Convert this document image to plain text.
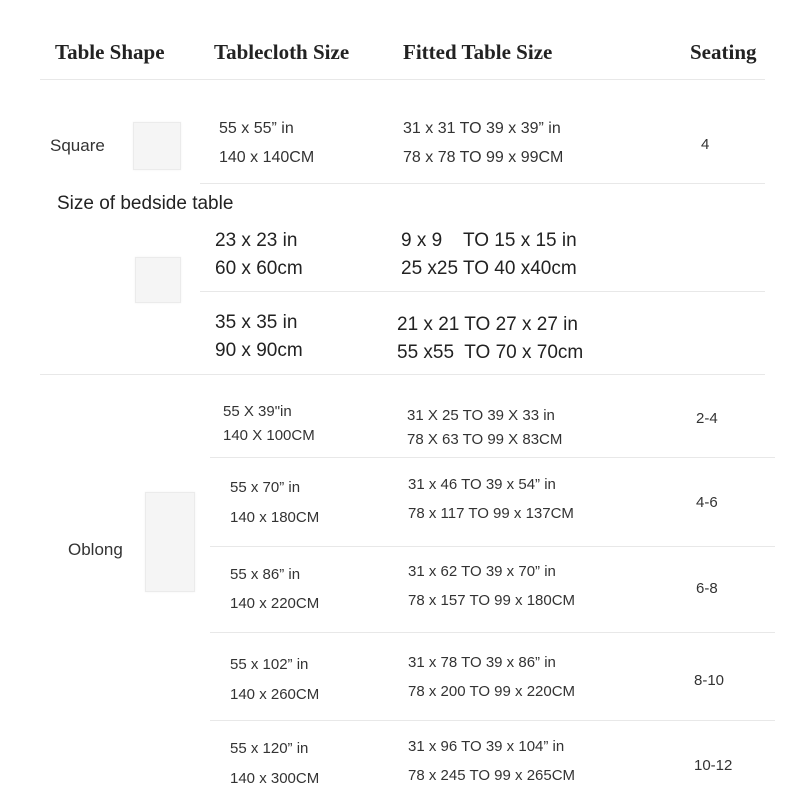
Table Shape Tablecloth Size	Fitted Table Size	Seating
Square
55 x 55” in
140 x 140CM
31 x 31 TO 39 x 39” in
78 x 78 TO 99 x 99CM
4
Size of bedside table
23 x 23 in
60 x 60cm
9 x 9    TO 15 x 15 in
25 x25 TO 40 x40cm
35 x 35 in
90 x 90cm
21 x 21 TO 27 x 27 in
55 x55  TO 70 x 70cm
Oblong
55 X 39"in
140 X 100CM
31 X 25 TO 39 X 33 in
78 X 63 TO 99 X 83CM
2-4
55 x 70” in
140 x 180CM
31 x 46 TO 39 x 54” in
78 x 117 TO 99 x 137CM
4-6
55 x 86” in
140 x 220CM
31 x 62 TO 39 x 70” in
78 x 157 TO 99 x 180CM
6-8
55 x 102” in
140 x 260CM
31 x 78 TO 39 x 86” in
78 x 200 TO 99 x 220CM
8-10
55 x 120” in
140 x 300CM
31 x 96 TO 39 x 104” in
78 x 245 TO 99 x 265CM
10-12
